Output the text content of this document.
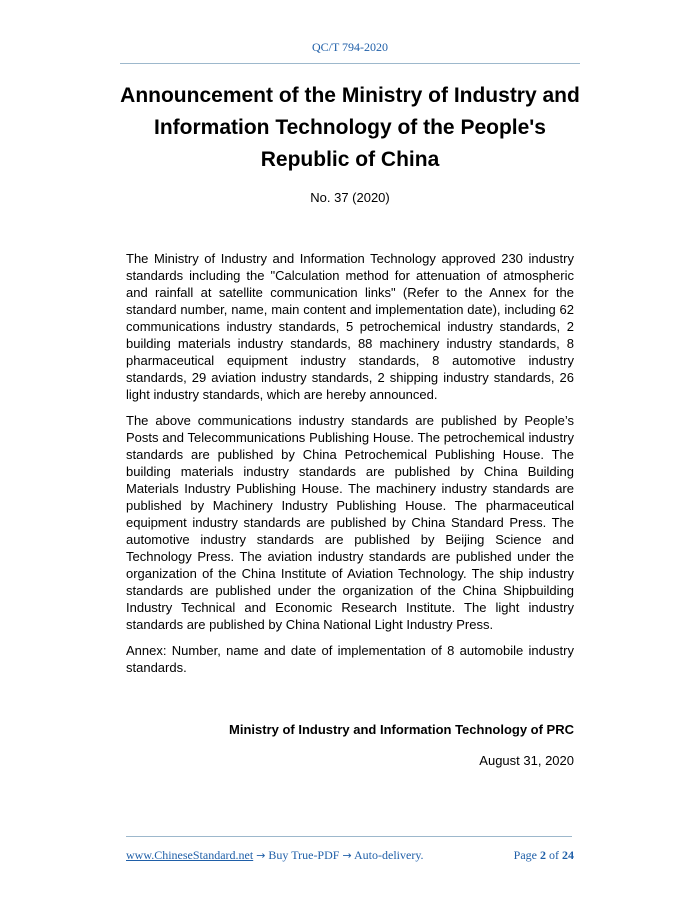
QC/T 794-2020
Announcement of the Ministry of Industry and
Information Technology of the People's
Republic of China
No. 37 (2020)

The Ministry of Industry and Information Technology approved 230 industry standards including the "Calculation method for attenuation of atmospheric and rainfall at satellite communication links" (Refer to the Annex for the standard number, name, main content and implementation date), including 62 communications industry standards, 5 petrochemical industry standards, 2 building materials industry standards, 88 machinery industry standards, 8 pharmaceutical equipment industry standards, 8 automotive industry standards, 29 aviation industry standards, 2 shipping industry standards, 26 light industry standards, which are hereby announced.

The above communications industry standards are published by People’s Posts and Telecommunications Publishing House. The petrochemical industry standards are published by China Petrochemical Publishing House. The building materials industry standards are published by China Building Materials Industry Publishing House. The machinery industry standards are published by Machinery Industry Publishing House. The pharmaceutical equipment industry standards are published by China Standard Press. The automotive industry standards are published by Beijing Science and Technology Press. The aviation industry standards are published under the organization of the China Institute of Aviation Technology. The ship industry standards are published under the organization of the China Shipbuilding Industry Technical and Economic Research Institute. The light industry standards are published by China National Light Industry Press.

Annex: Number, name and date of implementation of 8 automobile industry standards.

Ministry of Industry and Information Technology of PRC
August 31, 2020
www.ChineseStandard.net → Buy True-PDF → Auto-delivery.	Page 2 of 24
